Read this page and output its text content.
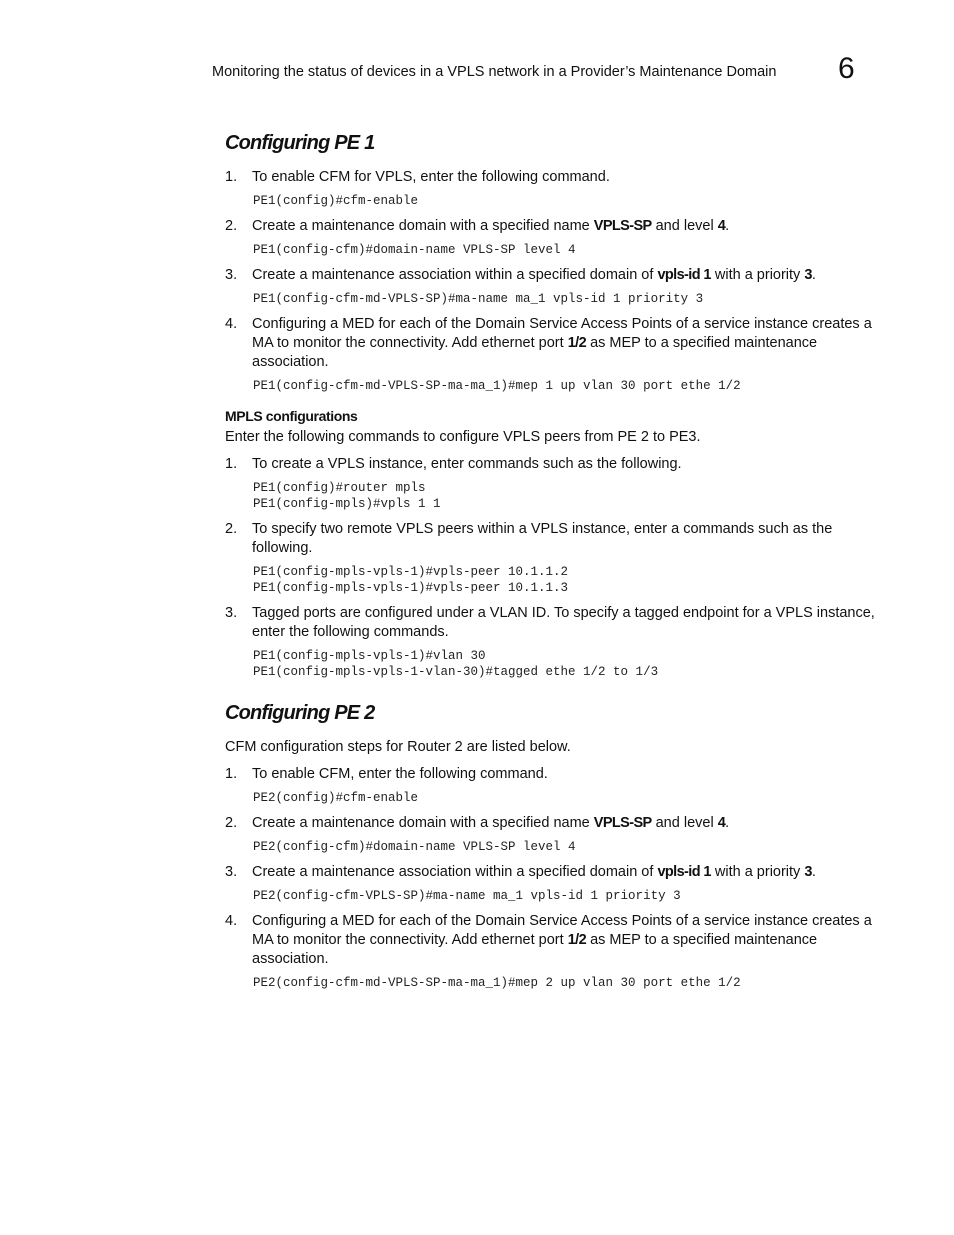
Monitoring the status of devices in a VPLS network in a Provider’s Maintenance Domain	6
Configuring PE 1
1. To enable CFM for VPLS, enter the following command.
PE1(config)#cfm-enable
2. Create a maintenance domain with a specified name VPLS-SP and level 4.
PE1(config-cfm)#domain-name VPLS-SP level 4
3. Create a maintenance association within a specified domain of vpls-id 1 with a priority 3.
PE1(config-cfm-md-VPLS-SP)#ma-name ma_1 vpls-id 1 priority 3
4. Configuring a MED for each of the Domain Service Access Points of a service instance creates a MA to monitor the connectivity. Add ethernet port 1/2 as MEP to a specified maintenance association.
PE1(config-cfm-md-VPLS-SP-ma-ma_1)#mep 1 up vlan 30 port ethe 1/2
MPLS configurations
Enter the following commands to configure VPLS peers from PE 2 to PE3.
1. To create a VPLS instance, enter commands such as the following.
PE1(config)#router mpls
PE1(config-mpls)#vpls 1 1
2. To specify two remote VPLS peers within a VPLS instance, enter a commands such as the following.
PE1(config-mpls-vpls-1)#vpls-peer 10.1.1.2
PE1(config-mpls-vpls-1)#vpls-peer 10.1.1.3
3. Tagged ports are configured under a VLAN ID. To specify a tagged endpoint for a VPLS instance, enter the following commands.
PE1(config-mpls-vpls-1)#vlan 30
PE1(config-mpls-vpls-1-vlan-30)#tagged ethe 1/2 to 1/3
Configuring PE 2
CFM configuration steps for Router 2 are listed below.
1. To enable CFM, enter the following command.
PE2(config)#cfm-enable
2. Create a maintenance domain with a specified name VPLS-SP and level 4.
PE2(config-cfm)#domain-name VPLS-SP level 4
3. Create a maintenance association within a specified domain of vpls-id 1 with a priority 3.
PE2(config-cfm-VPLS-SP)#ma-name ma_1 vpls-id 1 priority 3
4. Configuring a MED for each of the Domain Service Access Points of a service instance creates a MA to monitor the connectivity. Add ethernet port 1/2 as MEP to a specified maintenance association.
PE2(config-cfm-md-VPLS-SP-ma-ma_1)#mep 2 up vlan 30 port ethe 1/2
